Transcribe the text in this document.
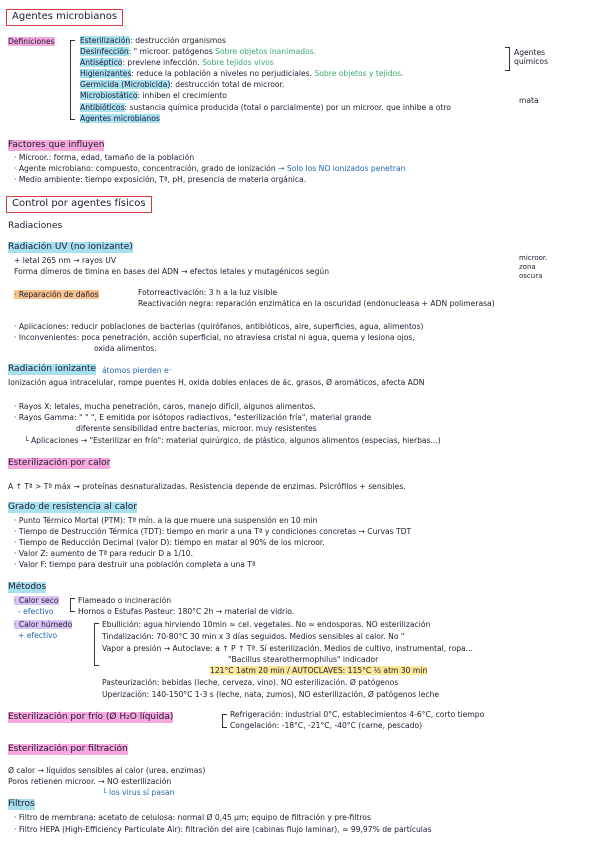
Agentes microbianos
Definiciones	Esterilización: destrucción organismos
Desinfección: " microor. patógenos Sobre objetos inanimados.
Antiséptico: previene infección. Sobre tejidos vivos
Higienizantes: reduce la población a niveles no perjudiciales. Sobre objetos y tejidos.
Germicida (Microbicida): destrucción total de microor.
Microbiostático: inhiben el crecimiento
Antibióticos: sustancia química producida (total o parcialmente) por un microor. que inhibe a otro
Agentes microbianos
mata
Agentes químicos
Factores que influyen
· Microor.: forma, edad, tamaño de la población
· Agente microbiano: compuesto, concentración, grado de ionización → Solo los NO ionizados penetran
· Medio ambiente: tiempo exposición, Tª, pH, presencia de materia orgánica.
Control por agentes físicos
Radiaciones
Radiación UV (no ionizante)
+ letal 265 nm → rayos UV	microor. zona oscura
Forma dímeros de timina en bases del ADN → efectos letales y mutagénicos según
· Reparación de daños	Fotorreactivación: 3 h a la luz visible
Reactivación negra: reparación enzimática en la oscuridad (endonucleasa + ADN polimerasa)
· Aplicaciones: reducir poblaciones de bacterias (quirófanos, antibióticos, aire, superficies, agua, alimentos)
· Inconvenientes: poca penetración, acción superficial, no atraviesa cristal ni agua, quema y lesiona ojos,
oxida alimentos.
Radiación ionizante átomos pierden e⁻
Ionización agua intracelular, rompe puentes H, oxida dobles enlaces de ác. grasos, Ø aromáticos, afecta ADN
· Rayos X: letales, mucha penetración, caros, manejo difícil, algunos alimentos.
· Rayos Gamma: " " ", E emitida por isótopos radiactivos, "esterilización fría", material grande
diferente sensibilidad entre bacterias, microor. muy resistentes
└ Aplicaciones → "Esterilizar en frío": material quirúrgico, de plástico, algunos alimentos (especias, hierbas...)
Esterilización por calor
A ↑ Tª > Tª máx → proteínas desnaturalizadas. Resistencia depende de enzimas. Psicrófilos + sensibles.
Grado de resistencia al calor
· Punto Térmico Mortal (PTM): Tª mín. a la que muere una suspensión en 10 min
· Tiempo de Destrucción Térmica (TDT): tiempo en morir a una Tª y condiciones concretas → Curvas TDT
· Tiempo de Reducción Decimal (valor D): tiempo en matar al 90% de los microor.
· Valor Z: aumento de Tª para reducir D a 1/10.
· Valor F: tiempo para destruir una población completa a una Tª
Métodos
· Calor seco
- efectivo
Flameado o incineración
Hornos o Estufas Pasteur: 180°C 2h → material de vidrio.
· Calor húmedo
+ efectivo
Ebullición: agua hirviendo 10min ≈ cel. vegetales. No ≈ endosporas. NO esterilización
Tindalización: 70-80°C 30 min x 3 días seguidos. Medios sensibles al calor. No "
Vapor a presión → Autoclave: a ↑ P ↑ Tª. Sí esterilización. Medios de cultivo, instrumental, ropa...
"Bacillus stearothermophilus" indicador
121°C 1atm 20 min / AUTOCLAVES: 115°C ½ atm 30 min
Pasteurización: bebidas (leche, cerveza, vino). NO esterilización. Ø patógenos
Uperización: 140-150°C 1-3 s (leche, nata, zumos), NO esterilización, Ø patógenos leche
Esterilización por frío (Ø H₂O líquida)	Refrigeración: industrial 0°C, establecimientos 4-6°C, corto tiempo
Congelación: -18°C, -21°C, -40°C (carne, pescado)
Esterilización por filtración
Ø calor → líquidos sensibles al calor (urea, enzimas)
Poros retienen microor. → NO esterilización
└ los virus sí pasan
Filtros
· Filtro de membrana: acetato de celulosa: normal Ø 0,45 μm; equipo de filtración y pre-filtros
· Filtro HEPA (High-Efficiency Particulate Air): filtración del aire (cabinas flujo laminar), ≈ 99,97% de partículas
